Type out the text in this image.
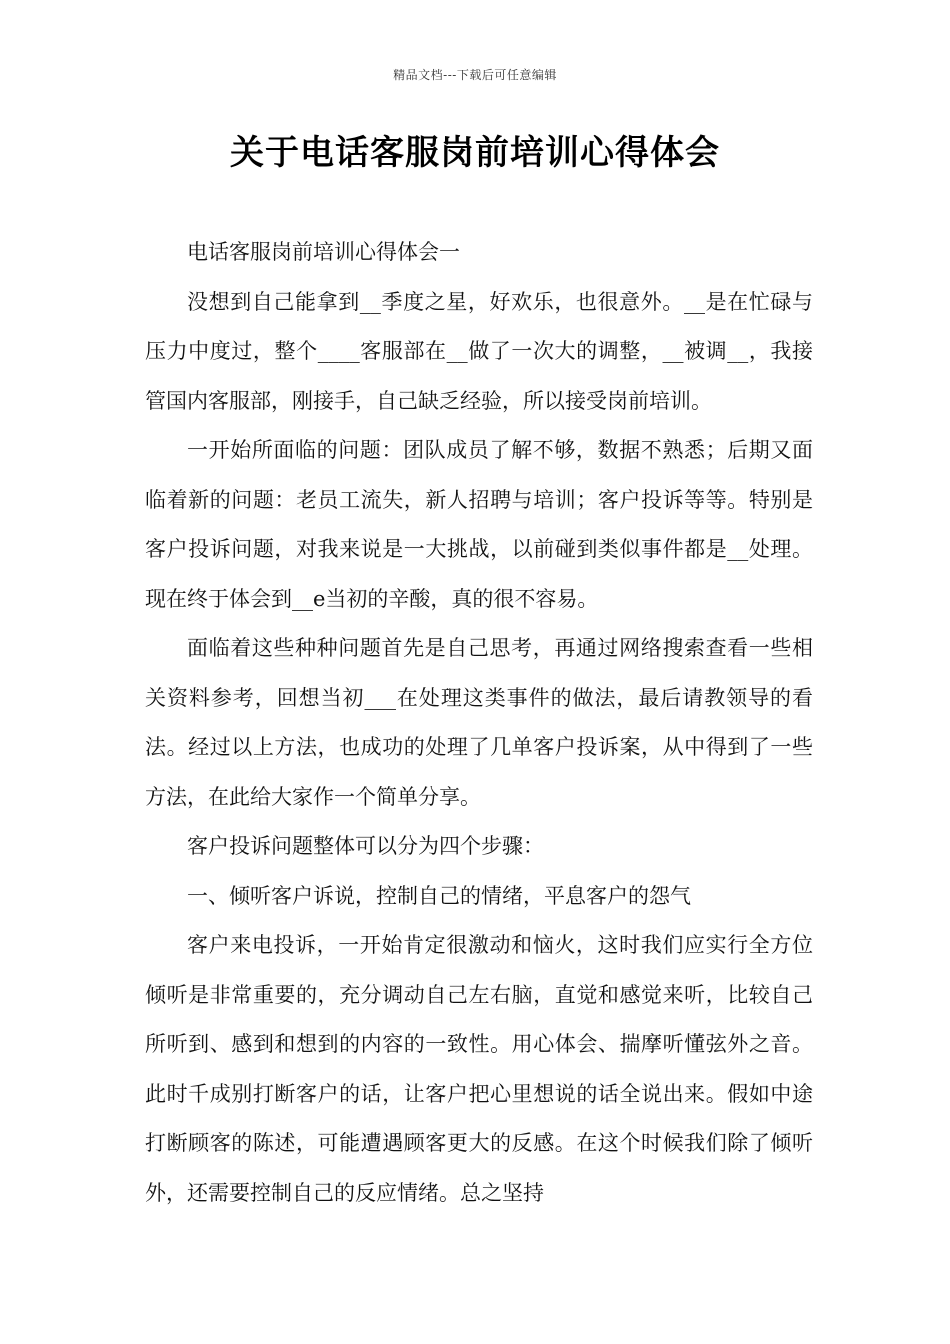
精品文档---下载后可任意编辑
关于电话客服岗前培训心得体会

电话客服岗前培训心得体会一

没想到自己能拿到__季度之星，好欢乐，也很意外。__是在忙碌与压力中度过，整个____客服部在__做了一次大的调整，__被调__，我接管国内客服部，刚接手，自己缺乏经验，所以接受岗前培训。

一开始所面临的问题：团队成员了解不够，数据不熟悉；后期又面临着新的问题：老员工流失，新人招聘与培训；客户投诉等等。特别是客户投诉问题，对我来说是一大挑战，以前碰到类似事件都是__处理。现在终于体会到__e当初的辛酸，真的很不容易。

面临着这些种种问题首先是自己思考，再通过网络搜索查看一些相关资料参考，回想当初___在处理这类事件的做法，最后请教领导的看法。经过以上方法，也成功的处理了几单客户投诉案，从中得到了一些方法，在此给大家作一个简单分享。

客户投诉问题整体可以分为四个步骤：

一、倾听客户诉说，控制自己的情绪，平息客户的怨气

客户来电投诉，一开始肯定很激动和恼火，这时我们应实行全方位倾听是非常重要的，充分调动自己左右脑，直觉和感觉来听，比较自己所听到、感到和想到的内容的一致性。用心体会、揣摩听懂弦外之音。此时千成别打断客户的话，让客户把心里想说的话全说出来。假如中途打断顾客的陈述，可能遭遇顾客更大的反感。在这个时候我们除了倾听外，还需要控制自己的反应情绪。总之坚持
